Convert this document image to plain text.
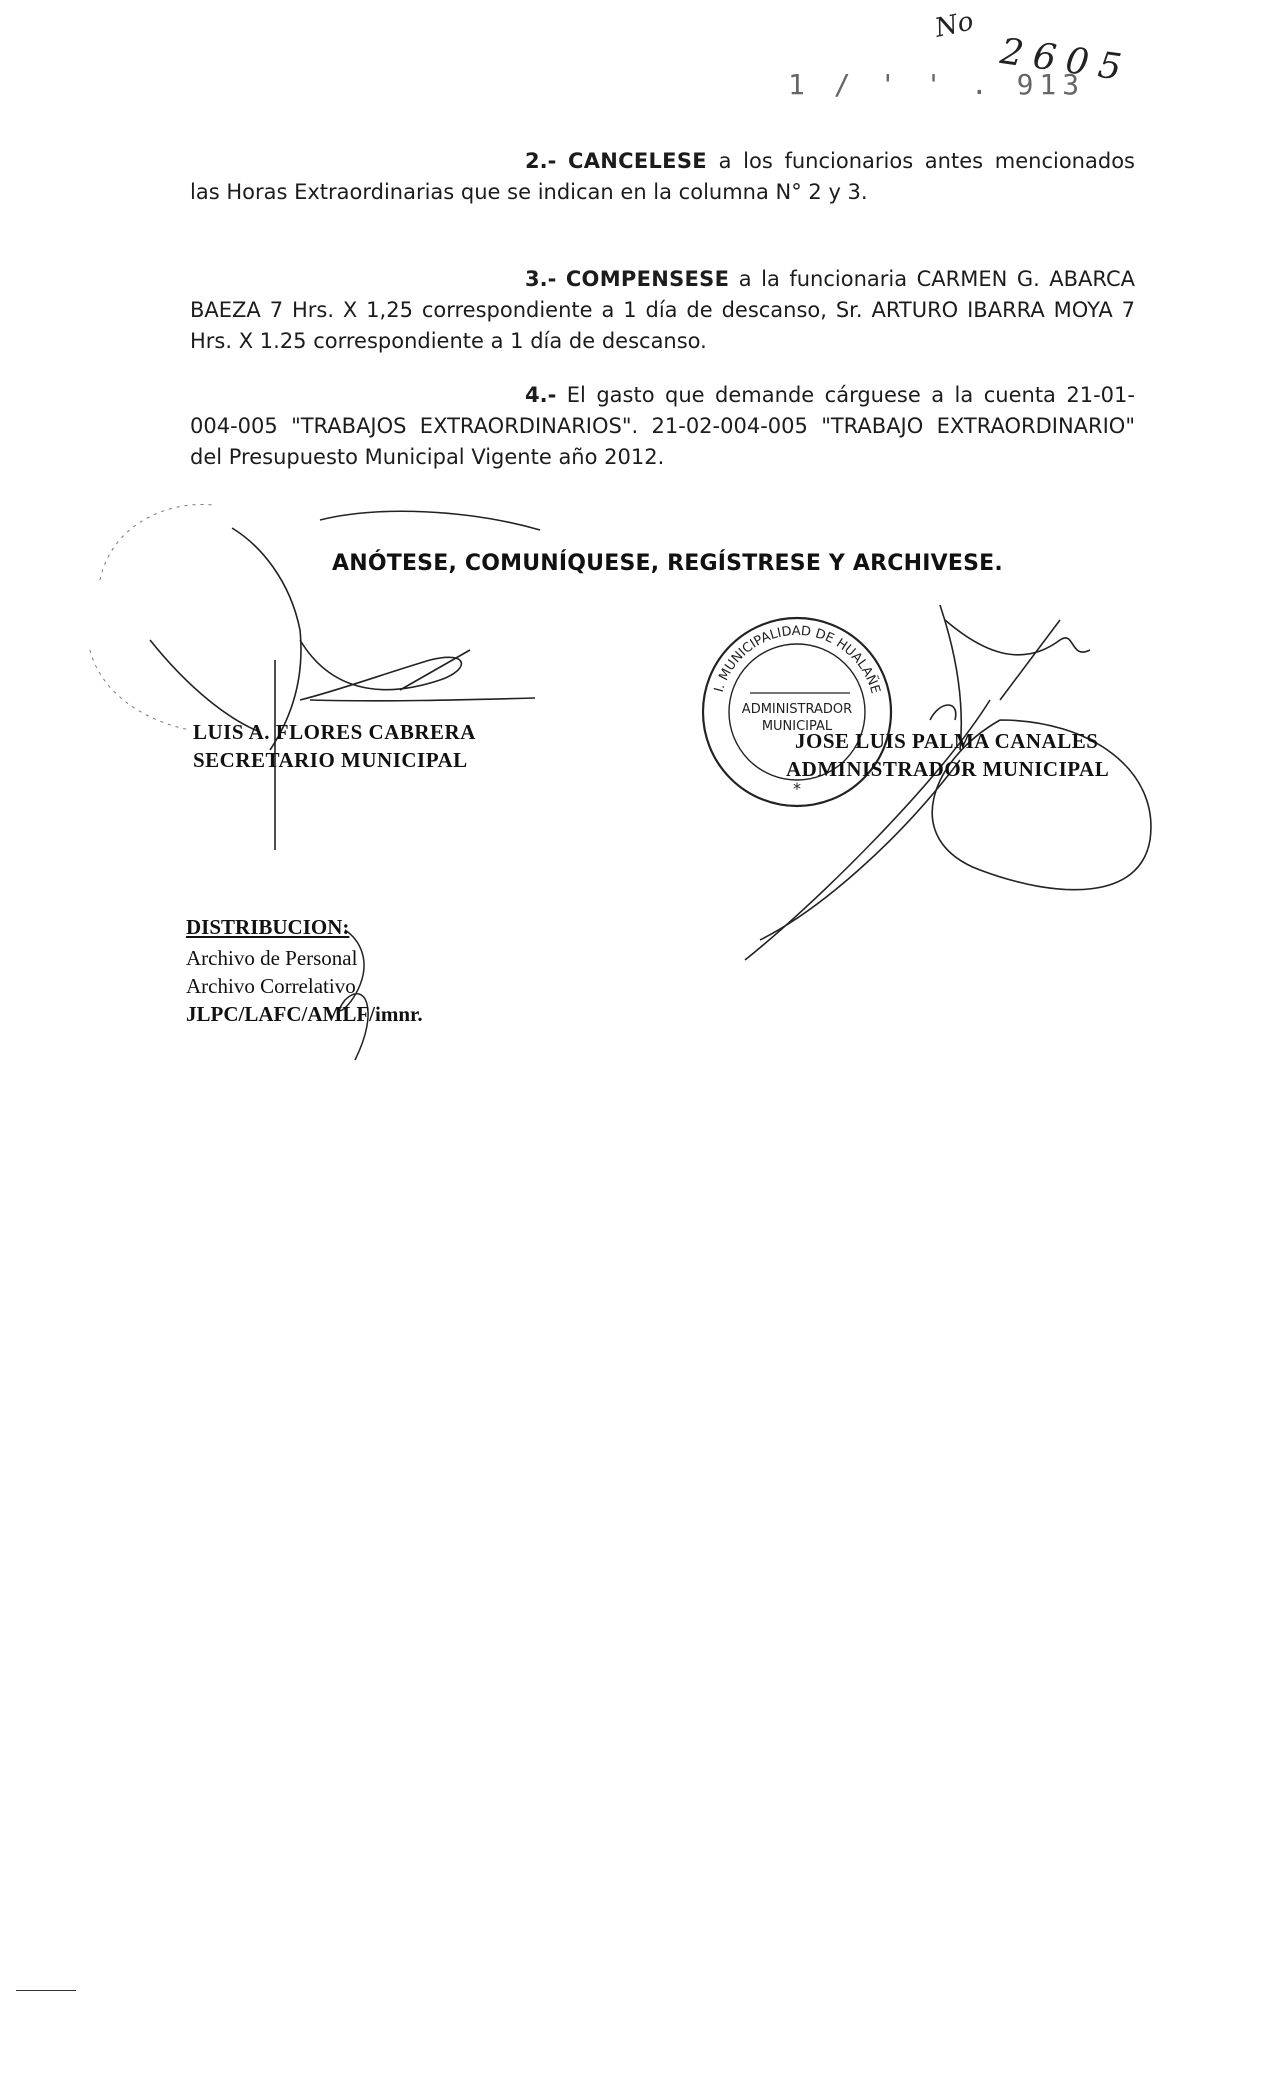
No
2605
1 / ' ' . 913
2.- CANCELESE a los funcionarios antes mencionados las Horas Extraordinarias que se indican en la columna N° 2 y 3.
3.- COMPENSESE a la funcionaria CARMEN G. ABARCA BAEZA 7 Hrs. X 1,25 correspondiente a 1 día de descanso, Sr. ARTURO IBARRA MOYA 7 Hrs. X 1.25 correspondiente a 1 día de descanso.
4.- El gasto que demande cárguese a la cuenta 21-01-004-005 "TRABAJOS EXTRAORDINARIOS". 21-02-004-005 "TRABAJO EXTRAORDINARIO" del Presupuesto Municipal Vigente año 2012.
ANÓTESE, COMUNÍQUESE, REGÍSTRESE Y ARCHIVESE.
I. MUNICIPALIDAD DE HUALAÑE
ADMINISTRADOR
MUNICIPAL
*
LUIS A. FLORES CABRERA
SECRETARIO MUNICIPAL
JOSE LUIS PALMA CANALES
ADMINISTRADOR MUNICIPAL
DISTRIBUCION:
Archivo de Personal
Archivo Correlativo
JLPC/LAFC/AMLF/imnr.
